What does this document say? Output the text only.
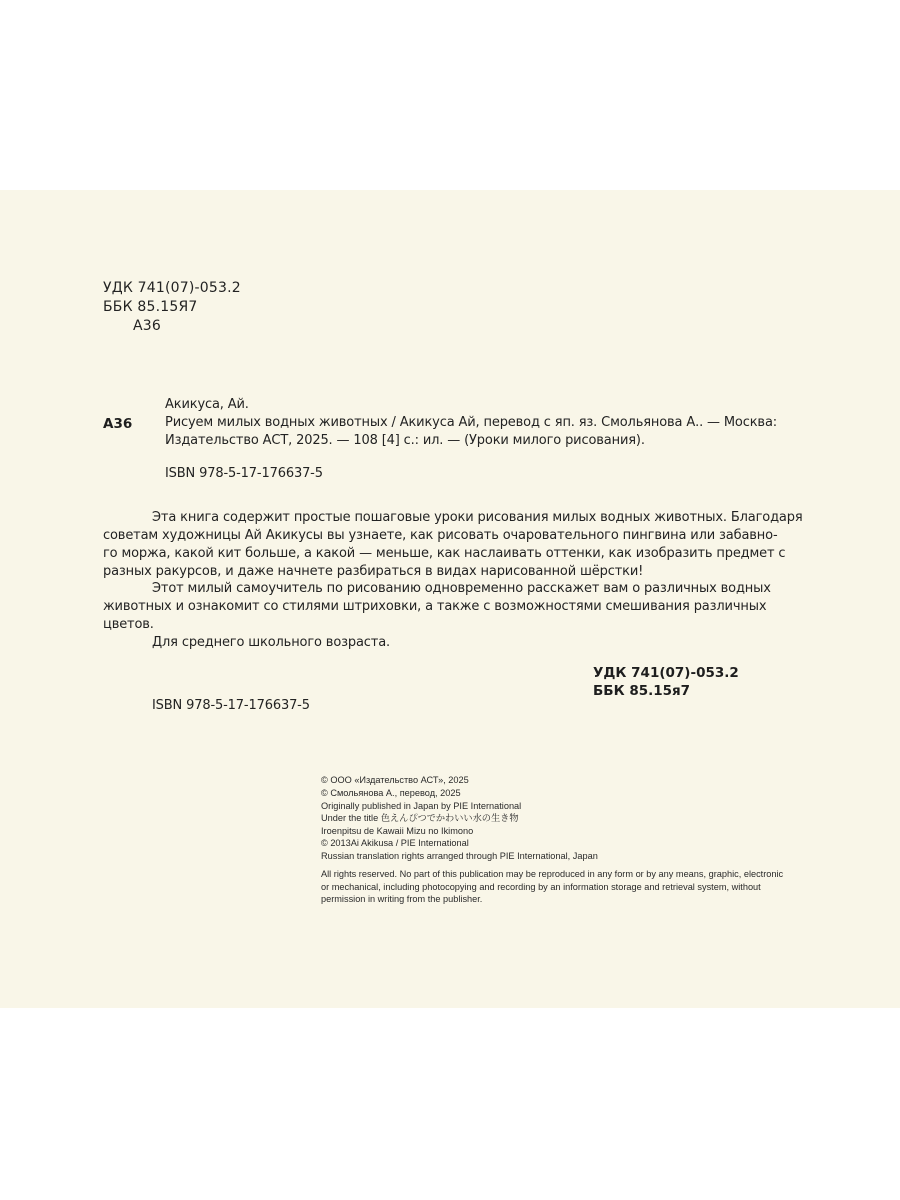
УДК 741(07)-053.2
ББК 85.15Я7
А36
Акикуса, Ай.
А36	Рисуем милых водных животных / Акикуса Ай, перевод с яп. яз. Смольянова А.. — Москва:
Издательство АСТ, 2025. — 108 [4] с.: ил. — (Уроки милого рисования).
ISBN 978-5-17-176637-5
Эта книга содержит простые пошаговые уроки рисования милых водных животных. Благодаря
советам художницы Ай Акикусы вы узнаете, как рисовать очаровательного пингвина или забавно-
го моржа, какой кит больше, а какой — меньше, как наслаивать оттенки, как изобразить предмет с
разных ракурсов, и даже начнете разбираться в видах нарисованной шёрстки!
Этот милый самоучитель по рисованию одновременно расскажет вам о различных водных
животных и ознакомит со стилями штриховки, а также с возможностями смешивания различных
цветов.
Для среднего школьного возраста.
УДК 741(07)-053.2
ББК 85.15я7
ISBN 978-5-17-176637-5
© ООО «Издательство АСТ», 2025
© Смольянова А., перевод, 2025
Originally published in Japan by PIE International
Under the title 色えんぴつでかわいい水の生き物
Iroenpitsu de Kawaii Mizu no Ikimono
© 2013Ai Akikusa / PIE International
Russian translation rights arranged through PIE International, Japan
All rights reserved. No part of this publication may be reproduced in any form or by any means, graphic, electronic
or mechanical, including photocopying and recording by an information storage and retrieval system, without
permission in writing from the publisher.
